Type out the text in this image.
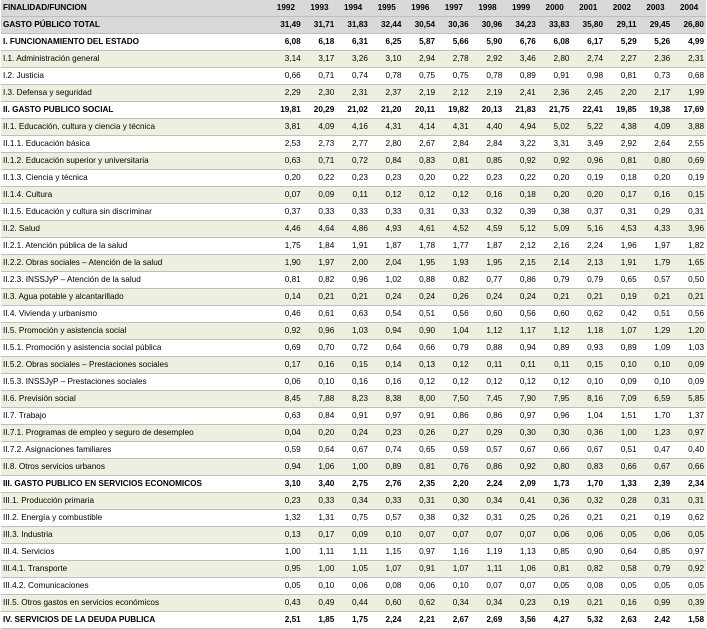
FINALIDAD/FUNCION	1992	1993	1994	1995	1996	1997	1998	1999	2000	2001	2002	2003	2004
GASTO PÚBLICO TOTAL	31,49	31,71	31,83	32,44	30,54	30,36	30,96	34,23	33,83	35,80	29,11	29,45	26,80
I. FUNCIONAMIENTO DEL ESTADO	6,08	6,18	6,31	6,25	5,87	5,66	5,90	6,76	6,08	6,17	5,29	5,26	4,99
I.1. Administración general	3,14	3,17	3,26	3,10	2,94	2,78	2,92	3,46	2,80	2,74	2,27	2,36	2,31
I.2. Justicia	0,66	0,71	0,74	0,78	0,75	0,75	0,78	0,89	0,91	0,98	0,81	0,73	0,68
I.3. Defensa y seguridad	2,29	2,30	2,31	2,37	2,19	2,12	2,19	2,41	2,36	2,45	2,20	2,17	1,99
II. GASTO PUBLICO SOCIAL	19,81	20,29	21,02	21,20	20,11	19,82	20,13	21,83	21,75	22,41	19,85	19,38	17,69
II.1. Educación, cultura y ciencia y técnica	3,81	4,09	4,16	4,31	4,14	4,31	4,40	4,94	5,02	5,22	4,38	4,09	3,88
II.1.1. Educación básica	2,53	2,73	2,77	2,80	2,67	2,84	2,84	3,22	3,31	3,49	2,92	2,64	2,55
II.1.2. Educación superior y universitaria	0,63	0,71	0,72	0,84	0,83	0,81	0,85	0,92	0,92	0,96	0,81	0,80	0,69
II.1.3. Ciencia y técnica	0,20	0,22	0,23	0,23	0,20	0,22	0,23	0,22	0,20	0,19	0,18	0,20	0,19
II.1.4. Cultura	0,07	0,09	0,11	0,12	0,12	0,12	0,16	0,18	0,20	0,20	0,17	0,16	0,15
II.1.5. Educación y cultura sin discriminar	0,37	0,33	0,33	0,33	0,31	0,33	0,32	0,39	0,38	0,37	0,31	0,29	0,31
II.2. Salud	4,46	4,64	4,86	4,93	4,61	4,52	4,59	5,12	5,09	5,16	4,53	4,33	3,96
II.2.1. Atención pública de la salud	1,75	1,84	1,91	1,87	1,78	1,77	1,87	2,12	2,16	2,24	1,96	1,97	1,82
II.2.2. Obras sociales – Atención de la salud	1,90	1,97	2,00	2,04	1,95	1,93	1,95	2,15	2,14	2,13	1,91	1,79	1,65
II.2.3. INSSJyP – Atención de la salud	0,81	0,82	0,96	1,02	0,88	0,82	0,77	0,86	0,79	0,79	0,65	0,57	0,50
II.3. Agua potable y alcantarillado	0,14	0,21	0,21	0,24	0,24	0,26	0,24	0,24	0,21	0,21	0,19	0,21	0,21
II.4. Vivienda y urbanismo	0,46	0,61	0,63	0,54	0,51	0,56	0,60	0,56	0,60	0,62	0,42	0,51	0,56
II.5. Promoción y asistencia social	0,92	0,96	1,03	0,94	0,90	1,04	1,12	1,17	1,12	1,18	1,07	1,29	1,20
II.5.1. Promoción y asistencia social pública	0,69	0,70	0,72	0,64	0,66	0,79	0,88	0,94	0,89	0,93	0,89	1,09	1,03
II.5.2. Obras sociales – Prestaciones sociales	0,17	0,16	0,15	0,14	0,13	0,12	0,11	0,11	0,11	0,15	0,10	0,10	0,09
II.5.3. INSSJyP – Prestaciones sociales	0,06	0,10	0,16	0,16	0,12	0,12	0,12	0,12	0,12	0,10	0,09	0,10	0,09
II.6. Previsión social	8,45	7,88	8,23	8,38	8,00	7,50	7,45	7,90	7,95	8,16	7,09	6,59	5,85
II.7. Trabajo	0,63	0,84	0,91	0,97	0,91	0,86	0,86	0,97	0,96	1,04	1,51	1,70	1,37
II.7.1. Programas de empleo y seguro de desempleo	0,04	0,20	0,24	0,23	0,26	0,27	0,29	0,30	0,30	0,36	1,00	1,23	0,97
II.7.2. Asignaciones familiares	0,59	0,64	0,67	0,74	0,65	0,59	0,57	0,67	0,66	0,67	0,51	0,47	0,40
II.8. Otros servicios urbanos	0,94	1,06	1,00	0,89	0,81	0,76	0,86	0,92	0,80	0,83	0,66	0,67	0,66
III. GASTO PUBLICO EN SERVICIOS ECONOMICOS	3,10	3,40	2,75	2,76	2,35	2,20	2,24	2,09	1,73	1,70	1,33	2,39	2,34
III.1. Producción primaria	0,23	0,33	0,34	0,33	0,31	0,30	0,34	0,41	0,36	0,32	0,28	0,31	0,31
III.2. Energía y combustible	1,32	1,31	0,75	0,57	0,38	0,32	0,31	0,25	0,26	0,21	0,21	0,19	0,62
III.3. Industria	0,13	0,17	0,09	0,10	0,07	0,07	0,07	0,07	0,06	0,06	0,05	0,06	0,05
III.4. Servicios	1,00	1,11	1,11	1,15	0,97	1,16	1,19	1,13	0,85	0,90	0,64	0,85	0,97
III.4.1. Transporte	0,95	1,00	1,05	1,07	0,91	1,07	1,11	1,06	0,81	0,82	0,58	0,79	0,92
III.4.2. Comunicaciones	0,05	0,10	0,06	0,08	0,06	0,10	0,07	0,07	0,05	0,08	0,05	0,05	0,05
III.5. Otros gastos en servicios económicos	0,43	0,49	0,44	0,60	0,62	0,34	0,34	0,23	0,19	0,21	0,16	0,99	0,39
IV. SERVICIOS DE LA DEUDA PUBLICA	2,51	1,85	1,75	2,24	2,21	2,67	2,69	3,56	4,27	5,32	2,63	2,42	1,58
